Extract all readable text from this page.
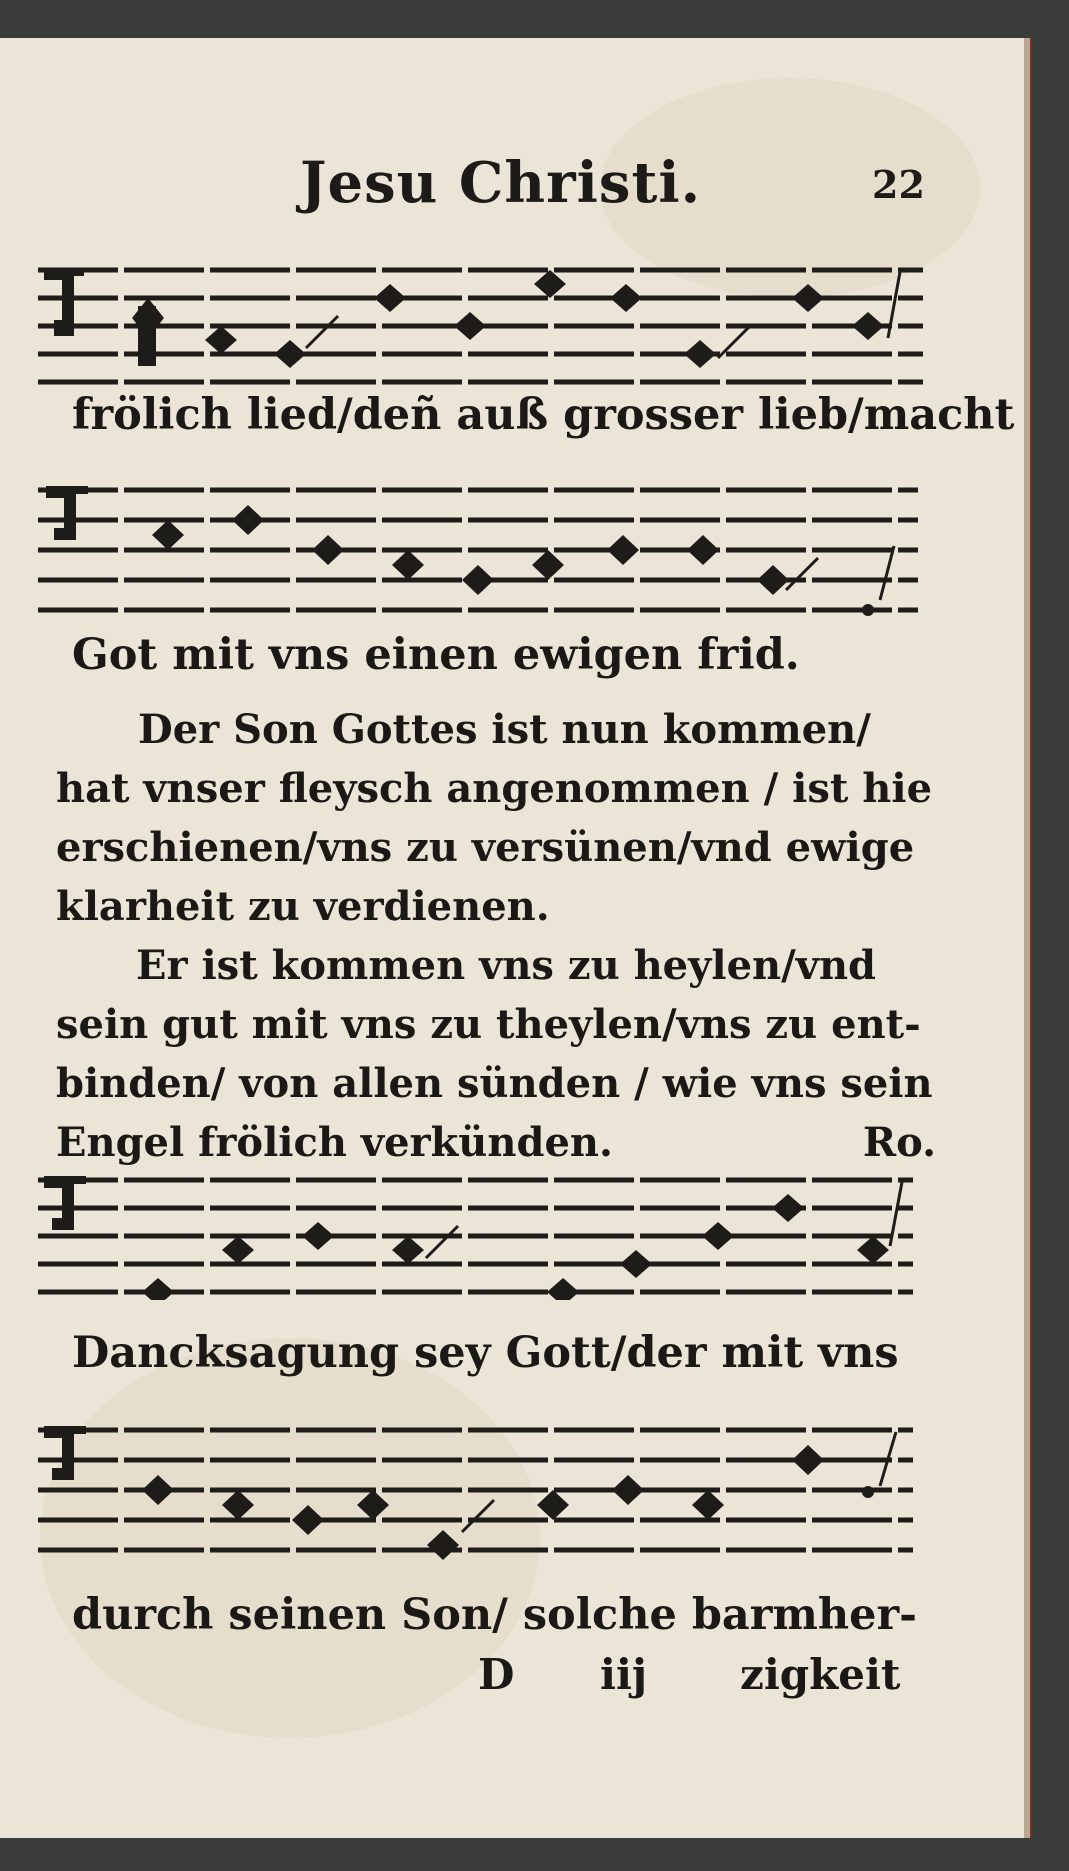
Jesu Christi.	22
frölich lied/deñ auß grosser lieb/macht
Got mit vns einen ewigen frid.
Der Son Gottes ist nun kommen/
hat vnser fleysch angenommen / ist hie
erschienen/vns zu versünen/vnd ewige
klarheit zu verdienen.
Er ist kommen vns zu heylen/vnd
sein gut mit vns zu theylen/vns zu ent-
binden/ von allen sünden / wie vns sein
Engel frölich verkünden.	Ro.
Dancksagung sey Gott/der mit vns
durch seinen Son/ solche barmher-
D iij zigkeit
